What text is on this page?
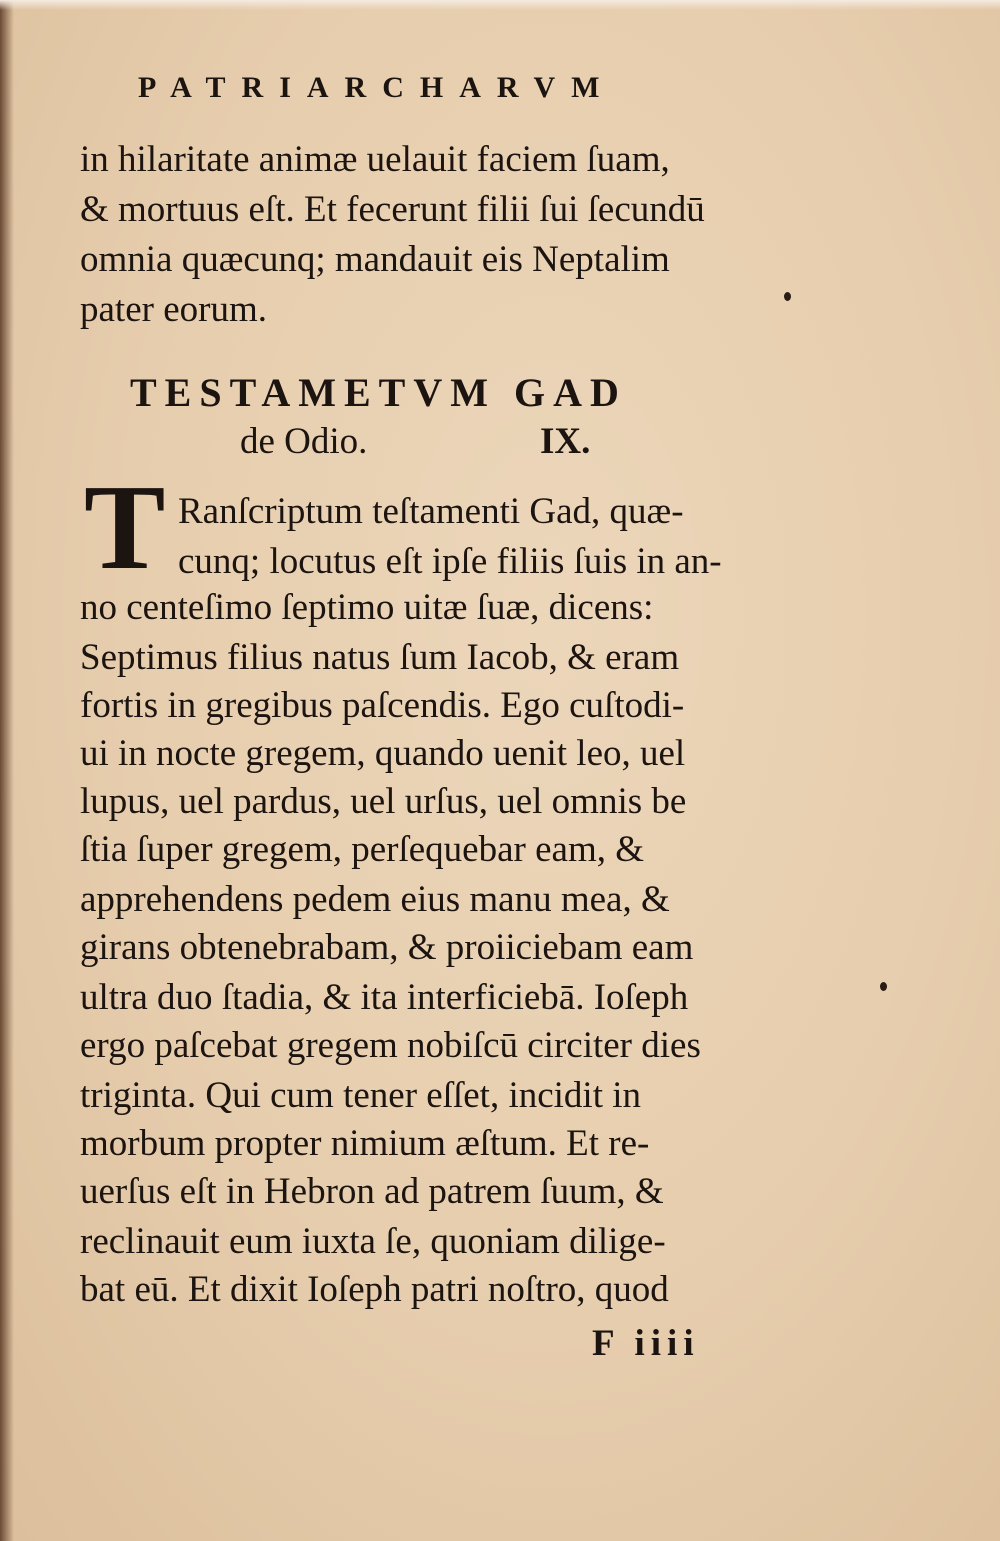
PATRIARCHARVM
in hilaritate animæ uelauit faciem ſuam,
& mortuus eſt. Et fecerunt filii ſui ſecundū
omnia quæcunq; mandauit eis Neptalim
pater eorum.
TESTAMETVM GAD
de Odio.	IX.
T Ranſcriptum teſtamenti Gad, quæ-
cunq; locutus eſt ipſe filiis ſuis in an-
no centeſimo ſeptimo uitæ ſuæ, dicens:
Septimus filius natus ſum Iacob, & eram
fortis in gregibus paſcendis. Ego cuſtodi-
ui in nocte gregem, quando uenit leo, uel
lupus, uel pardus, uel urſus, uel omnis be
ſtia ſuper gregem, perſequebar eam, &
apprehendens pedem eius manu mea, &
girans obtenebrabam, & proiiciebam eam
ultra duo ſtadia, & ita interficiebā. Ioſeph
ergo paſcebat gregem nobiſcū circiter dies
triginta. Qui cum tener eſſet, incidit in
morbum propter nimium æſtum. Et re-
uerſus eſt in Hebron ad patrem ſuum, &
reclinauit eum iuxta ſe, quoniam dilige-
bat eū. Et dixit Ioſeph patri noſtro, quod
F iiii
